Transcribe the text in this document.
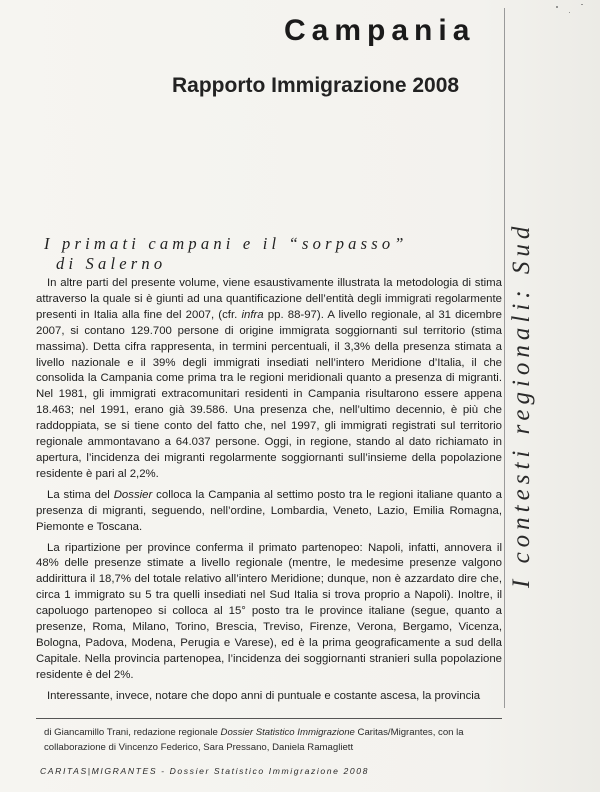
Campania
Rapporto Immigrazione 2008
I contesti regionali: Sud
I primati campani e il “sorpasso”
di Salerno

In altre parti del presente volume, viene esaustivamente illustrata la metodologia di stima attraverso la quale si è giunti ad una quantificazione dell’entità degli immigrati regolarmente presenti in Italia alla fine del 2007, (cfr. infra pp. 88-97). A livello regionale, al 31 dicembre 2007, si contano 129.700 persone di origine immigrata soggiornanti sul territorio (stima massima). Detta cifra rappresenta, in termini percentuali, il 3,3% della presenza stimata a livello nazionale e il 39% degli immigrati insediati nell’intero Meridione d’Italia, il che consolida la Campania come prima tra le regioni meridionali quanto a presenza di migranti. Nel 1981, gli immigrati extracomunitari residenti in Campania risultarono essere appena 18.463; nel 1991, erano già 39.586. Una presenza che, nell’ultimo decennio, è più che raddoppiata, se si tiene conto del fatto che, nel 1997, gli immigrati registrati sul territorio regionale ammontavano a 64.037 persone. Oggi, in regione, stando al dato richiamato in apertura, l’incidenza dei migranti regolarmente soggiornanti sull’insieme della popolazione residente è pari al 2,2%.

La stima del Dossier colloca la Campania al settimo posto tra le regioni italiane quanto a presenza di migranti, seguendo, nell’ordine, Lombardia, Veneto, Lazio, Emilia Romagna, Piemonte e Toscana.

La ripartizione per province conferma il primato partenopeo: Napoli, infatti, annovera il 48% delle presenze stimate a livello regionale (mentre, le medesime presenze valgono addirittura il 18,7% del totale relativo all’intero Meridione; dunque, non è azzardato dire che, circa 1 immigrato su 5 tra quelli insediati nel Sud Italia si trova proprio a Napoli). Inoltre, il capoluogo partenopeo si colloca al 15° posto tra le province italiane (segue, quanto a presenze, Roma, Milano, Torino, Brescia, Treviso, Firenze, Verona, Bergamo, Vicenza, Bologna, Padova, Modena, Perugia e Varese), ed è la prima geograficamente a sud della Capitale. Nella provincia partenopea, l’incidenza dei soggiornanti stranieri sulla popolazione residente è del 2%.

Interessante, invece, notare che dopo anni di puntuale e costante ascesa, la provincia

di Giancamillo Trani, redazione regionale Dossier Statistico Immigrazione Caritas/Migrantes, con la collaborazione di Vincenzo Federico, Sara Pressano, Daniela Ramagliett
CARITAS|MIGRANTES - Dossier Statistico Immigrazione 2008
